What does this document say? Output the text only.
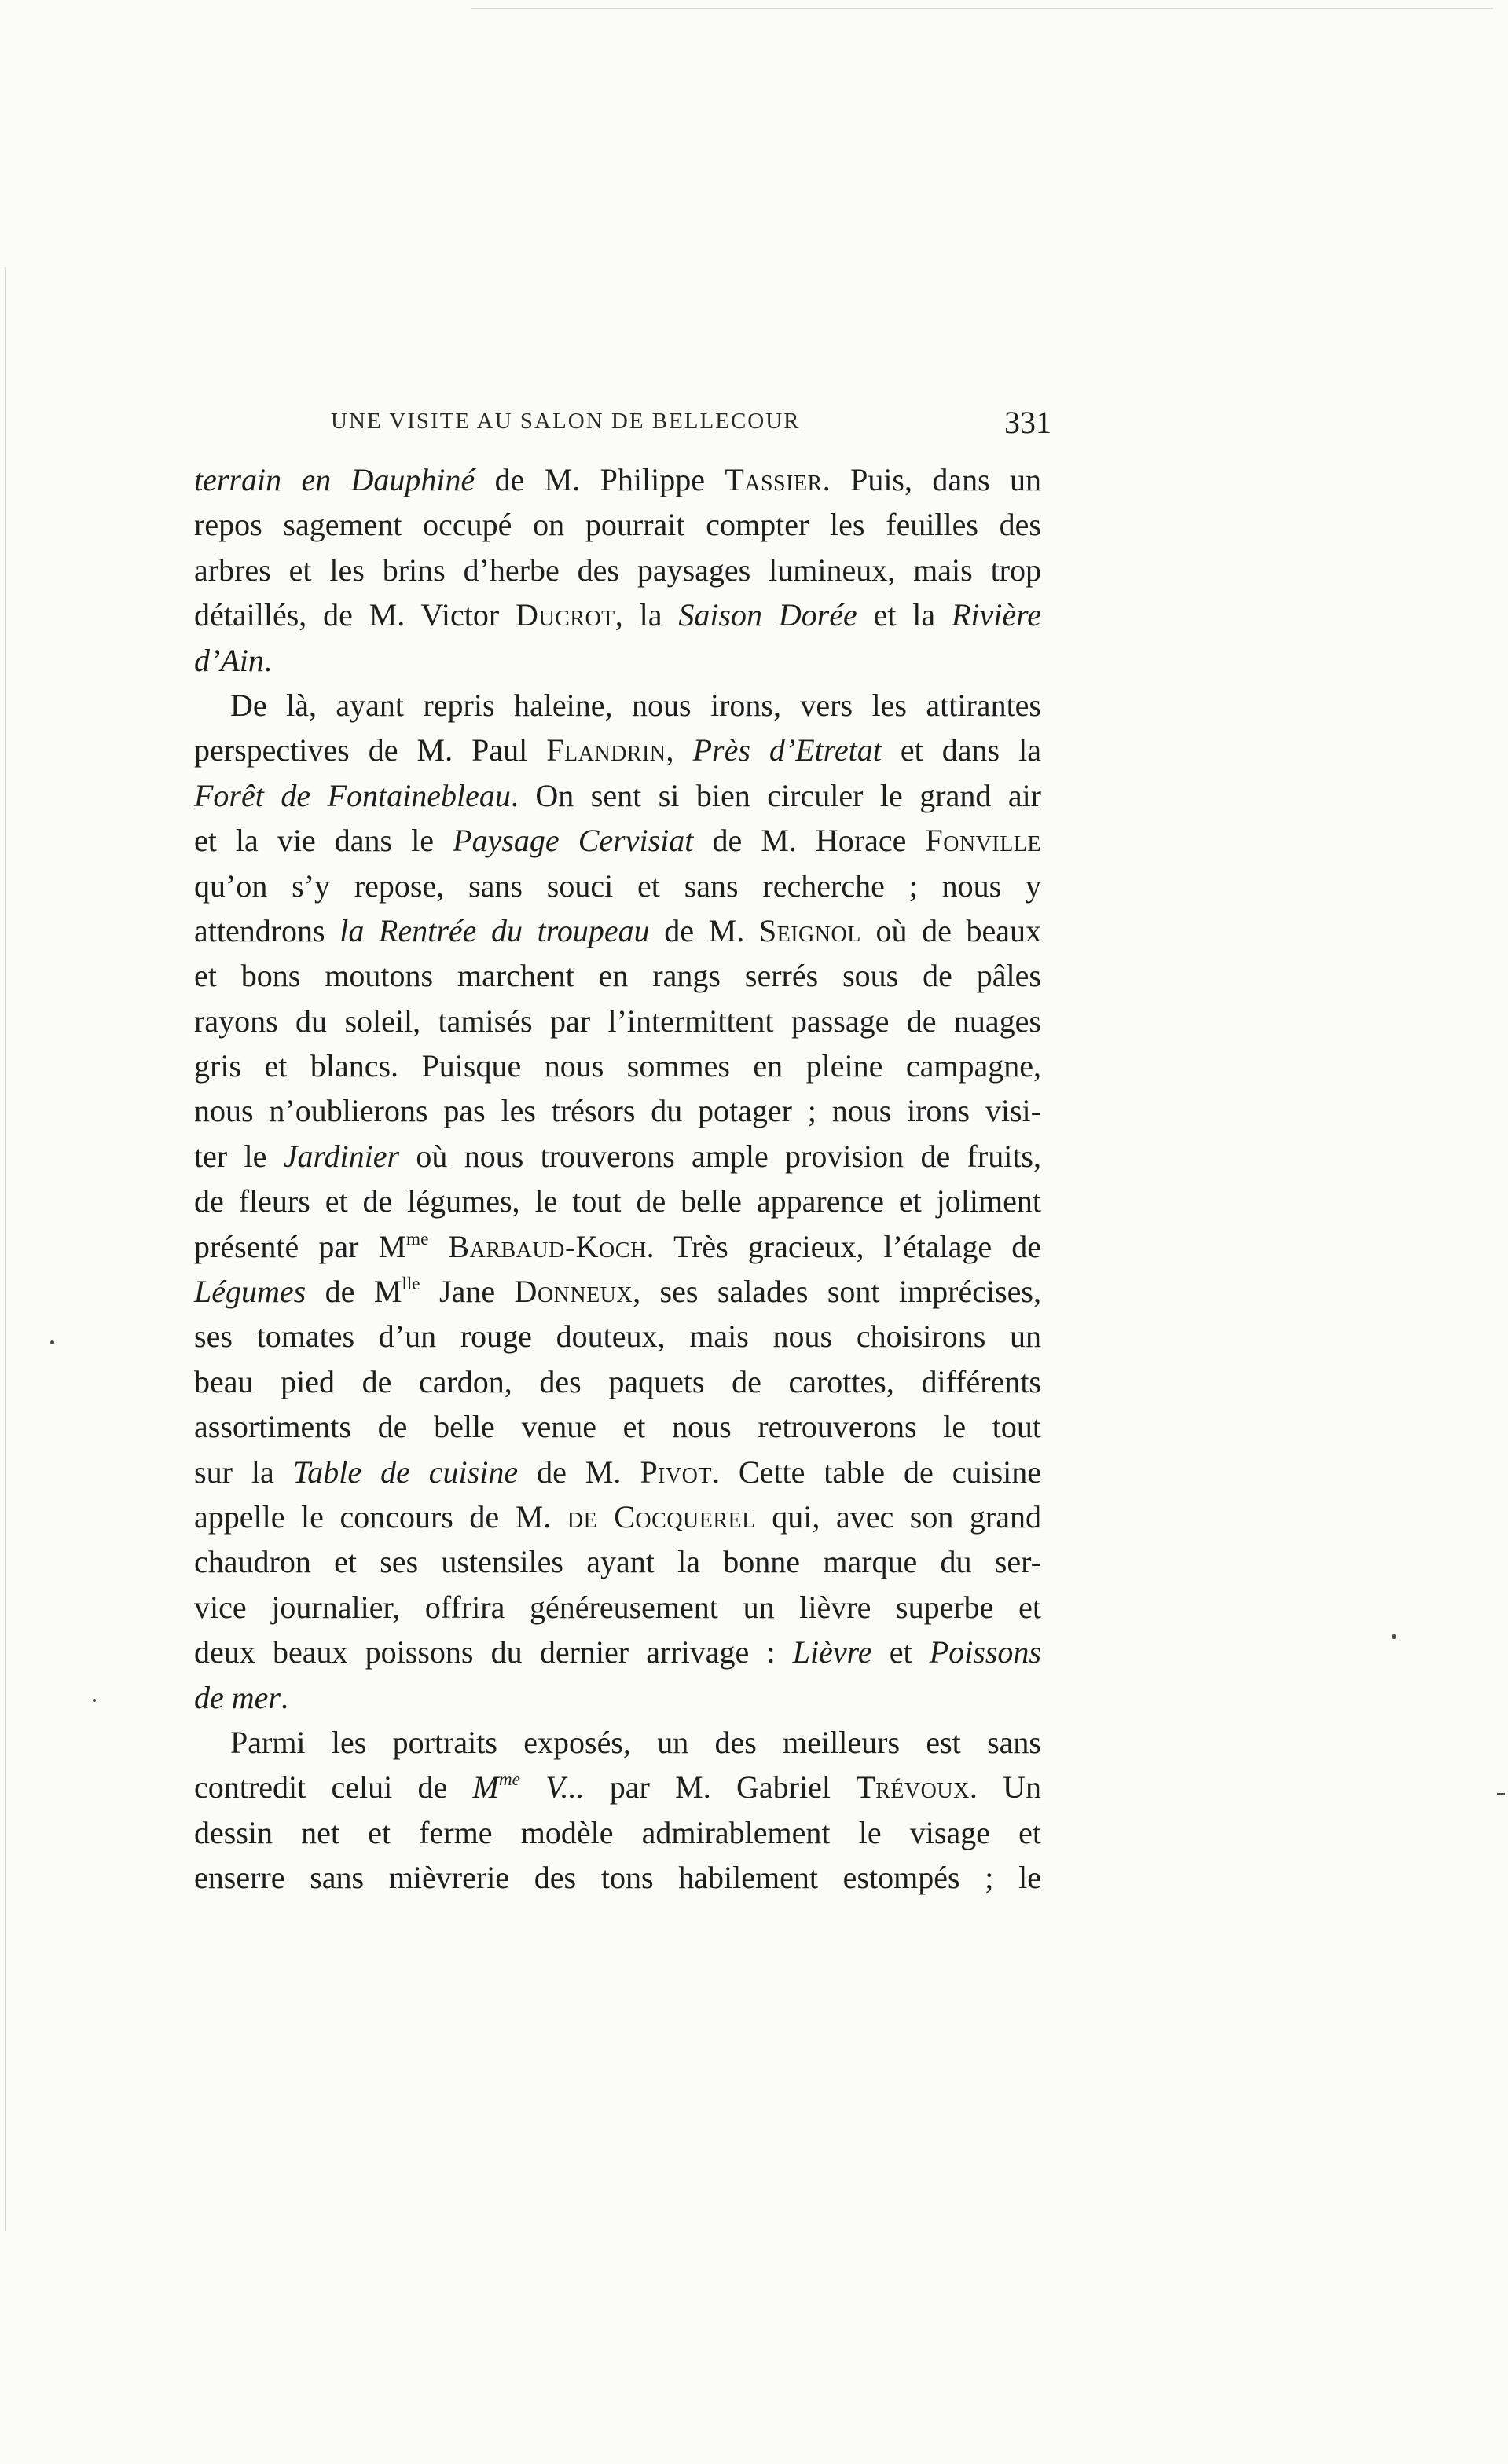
UNE VISITE AU SALON DE BELLECOUR	331
terrain en Dauphiné de M. Philippe Tassier. Puis, dans un
repos sagement occupé on pourrait compter les feuilles des
arbres et les brins d’herbe des paysages lumineux, mais trop
détaillés, de M. Victor Ducrot, la Saison Dorée et la Rivière
d’Ain.
De là, ayant repris haleine, nous irons, vers les attirantes
perspectives de M. Paul Flandrin, Près d’Etretat et dans la
Forêt de Fontainebleau. On sent si bien circuler le grand air
et la vie dans le Paysage Cervisiat de M. Horace Fonville
qu’on s’y repose, sans souci et sans recherche ; nous y
attendrons la Rentrée du troupeau de M. Seignol où de beaux
et bons moutons marchent en rangs serrés sous de pâles
rayons du soleil, tamisés par l’intermittent passage de nuages
gris et blancs. Puisque nous sommes en pleine campagne,
nous n’oublierons pas les trésors du potager ; nous irons visi-
ter le Jardinier où nous trouverons ample provision de fruits,
de fleurs et de légumes, le tout de belle apparence et joliment
présenté par $M^{me}$ Barbaud-Koch. Très gracieux, l’étalage de
Légumes de $M^{lle}$ Jane Donneux, ses salades sont imprécises,
ses tomates d’un rouge douteux, mais nous choisirons un
beau pied de cardon, des paquets de carottes, différents
assortiments de belle venue et nous retrouverons le tout
sur la Table de cuisine de M. Pivot. Cette table de cuisine
appelle le concours de M. de Cocquerel qui, avec son grand
chaudron et ses ustensiles ayant la bonne marque du ser-
vice journalier, offrira généreusement un lièvre superbe et
deux beaux poissons du dernier arrivage : Lièvre et Poissons
de mer.
Parmi les portraits exposés, un des meilleurs est sans
contredit celui de $M^{me}$ V... par M. Gabriel Trévoux. Un
dessin net et ferme modèle admirablement le visage et
enserre sans mièvrerie des tons habilement estompés ; le
